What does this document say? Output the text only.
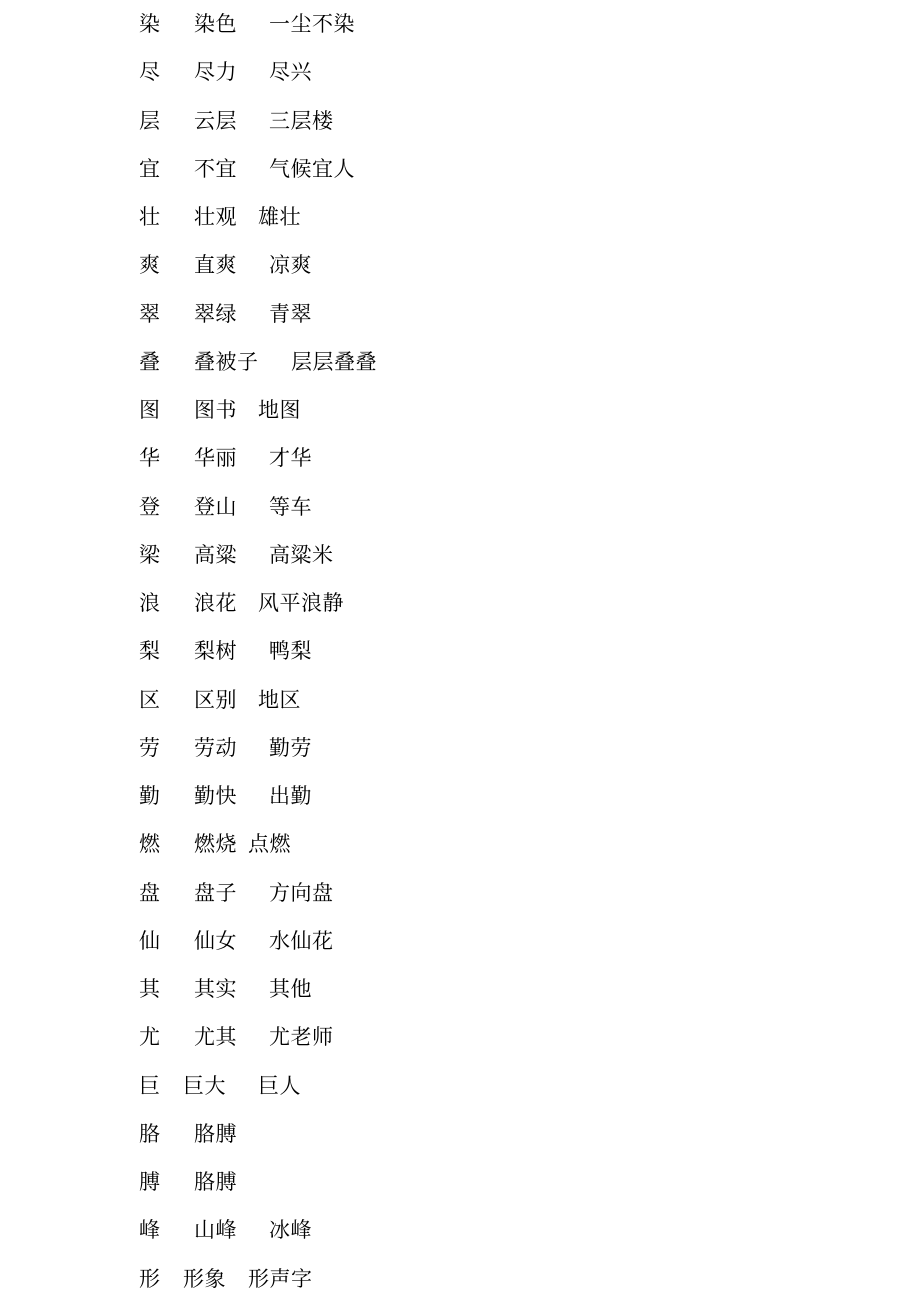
染 染色 一尘不染
尽 尽力 尽兴
层 云层 三层楼
宜 不宜 气候宜人
壮 壮观 雄壮
爽 直爽 凉爽
翠 翠绿 青翠
叠 叠被子 层层叠叠
图 图书 地图
华 华丽 才华
登 登山 等车
梁 高粱 高粱米
浪 浪花 风平浪静
梨 梨树 鸭梨
区 区别 地区
劳 劳动 勤劳
勤 勤快 出勤
燃 燃烧 点燃
盘 盘子 方向盘
仙 仙女 水仙花
其 其实 其他
尤 尤其 尤老师
巨 巨大 巨人
胳 胳膊
膊 胳膊
峰 山峰 冰峰
形 形象 形声字
